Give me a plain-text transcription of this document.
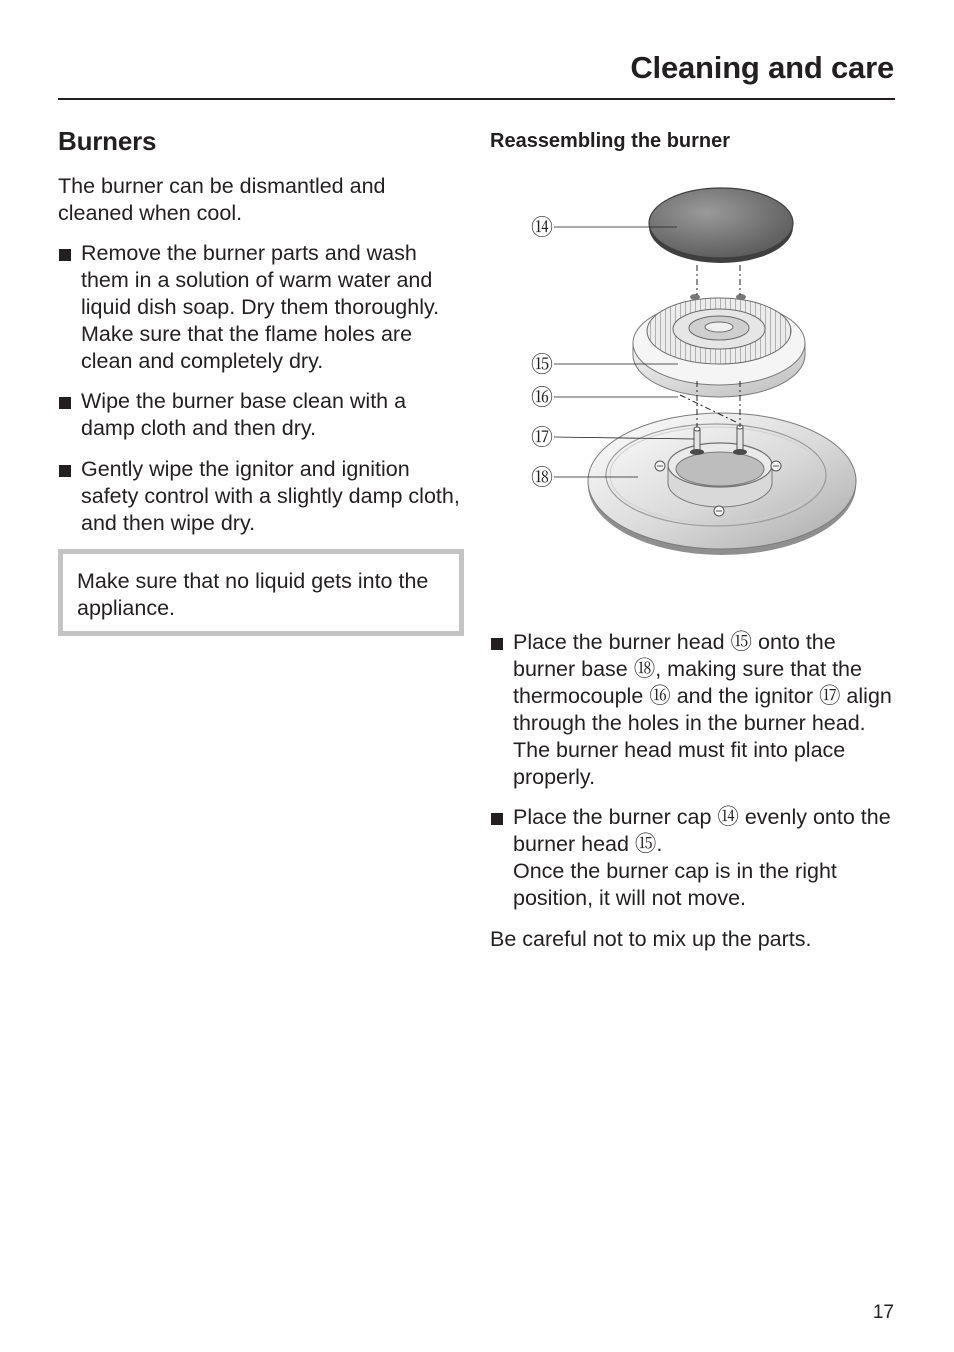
Cleaning and care
Burners

The burner can be dismantled and cleaned when cool.

Remove the burner parts and wash them in a solution of warm water and liquid dish soap. Dry them thoroughly. Make sure that the flame holes are clean and completely dry.
Wipe the burner base clean with a damp cloth and then dry.
Gently wipe the ignitor and ignition safety control with a slightly damp cloth, and then wipe dry.
Make sure that no liquid gets into the appliance.
Reassembling the burner
⑭
⑮
⑯
⑰
⑱
Place the burner head ⑮ onto the burner base ⑱, making sure that the thermocouple ⑯ and the ignitor ⑰ align through the holes in the burner head. The burner head must fit into place properly.
Place the burner cap ⑭ evenly onto the burner head ⑮.
Once the burner cap is in the right position, it will not move.

Be careful not to mix up the parts.

17
